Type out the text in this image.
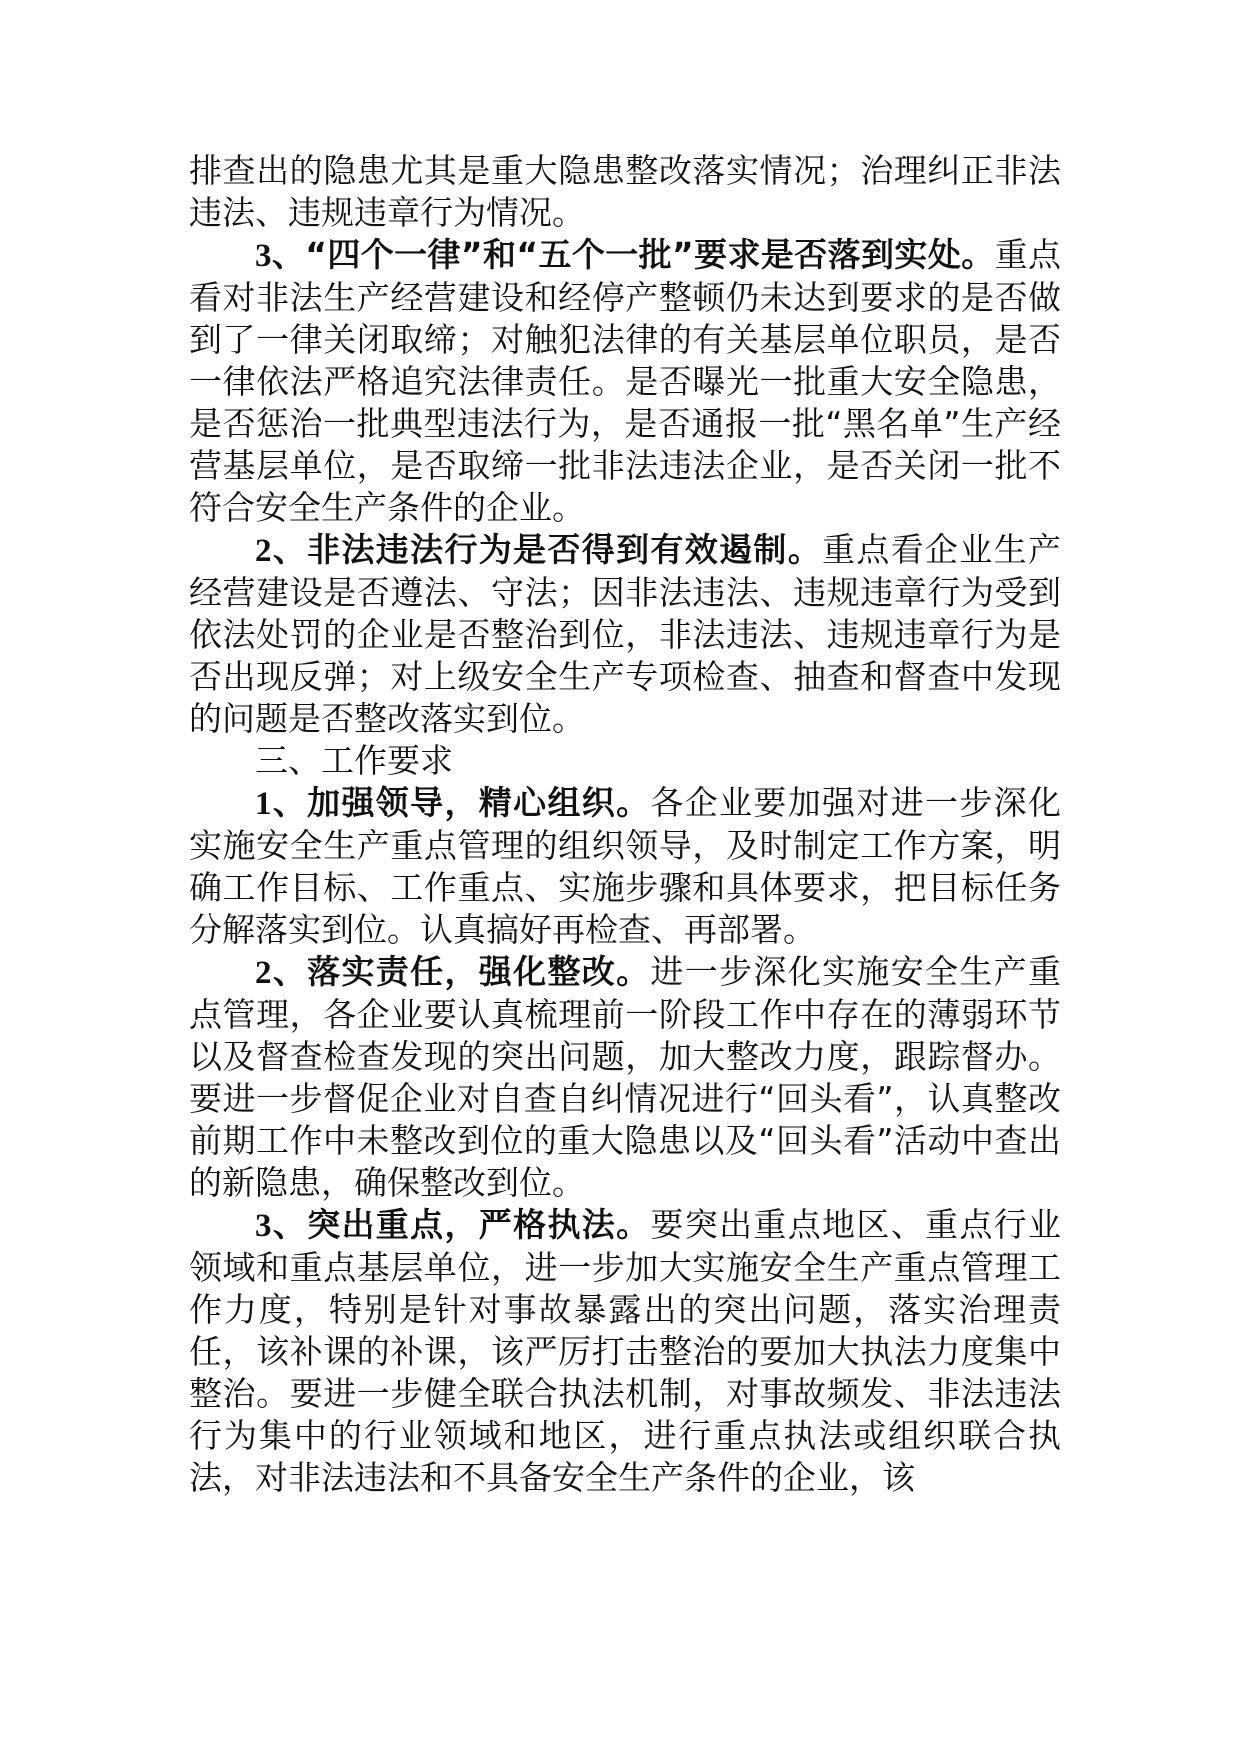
排查出的隐患尤其是重大隐患整改落实情况；治理纠正非法违法、违规违章行为情况。

3、“四个一律”和“五个一批”要求是否落到实处。重点看对非法生产经营建设和经停产整顿仍未达到要求的是否做到了一律关闭取缔；对触犯法律的有关基层单位职员，是否一律依法严格追究法律责任。是否曝光一批重大安全隐患，是否惩治一批典型违法行为，是否通报一批“黑名单”生产经营基层单位，是否取缔一批非法违法企业，是否关闭一批不符合安全生产条件的企业。

2、非法违法行为是否得到有效遏制。重点看企业生产经营建设是否遵法、守法；因非法违法、违规违章行为受到依法处罚的企业是否整治到位，非法违法、违规违章行为是否出现反弹；对上级安全生产专项检查、抽查和督查中发现的问题是否整改落实到位。

三、工作要求

1、加强领导，精心组织。各企业要加强对进一步深化实施安全生产重点管理的组织领导，及时制定工作方案，明确工作目标、工作重点、实施步骤和具体要求，把目标任务分解落实到位。认真搞好再检查、再部署。

2、落实责任，强化整改。进一步深化实施安全生产重点管理，各企业要认真梳理前一阶段工作中存在的薄弱环节以及督查检查发现的突出问题，加大整改力度，跟踪督办。要进一步督促企业对自查自纠情况进行“回头看”，认真整改前期工作中未整改到位的重大隐患以及“回头看”活动中查出的新隐患，确保整改到位。

3、突出重点，严格执法。要突出重点地区、重点行业领域和重点基层单位，进一步加大实施安全生产重点管理工作力度，特别是针对事故暴露出的突出问题，落实治理责任，该补课的补课，该严厉打击整治的要加大执法力度集中整治。要进一步健全联合执法机制，对事故频发、非法违法行为集中的行业领域和地区，进行重点执法或组织联合执法，对非法违法和不具备安全生产条件的企业，该
